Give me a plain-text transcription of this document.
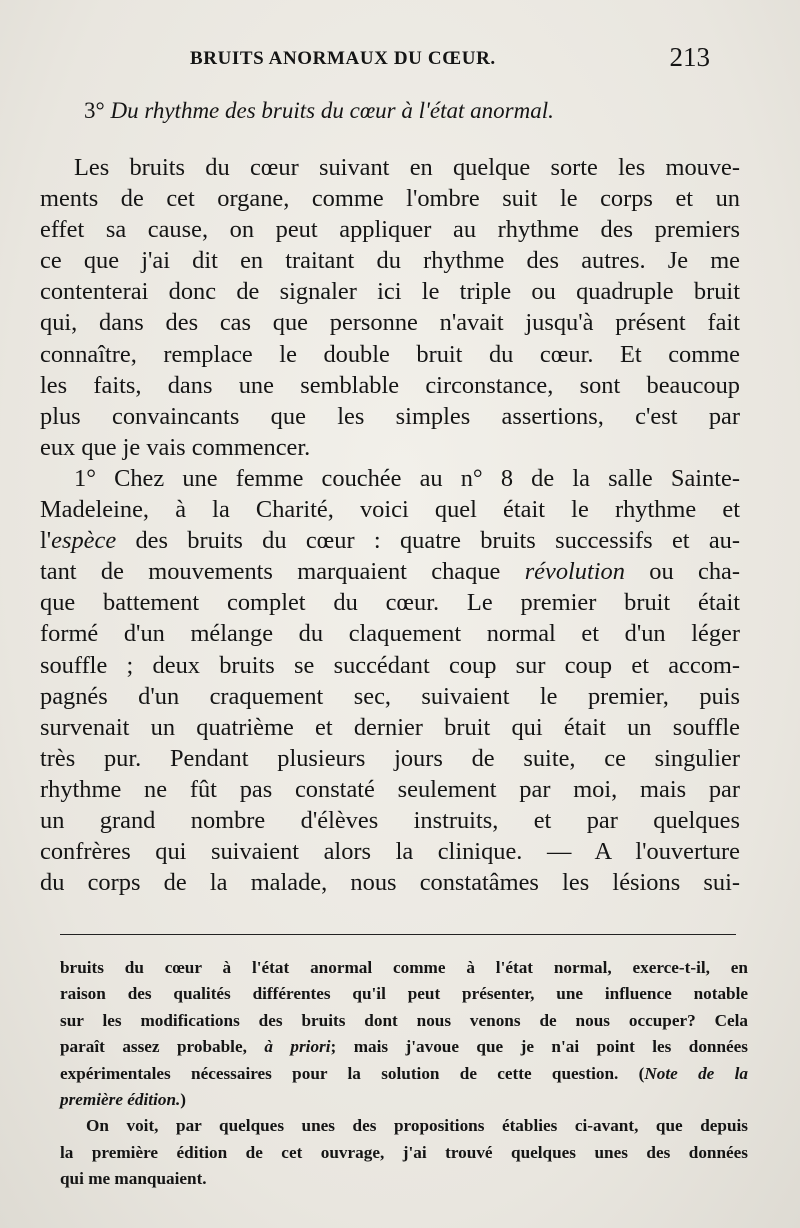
BRUITS ANORMAUX DU CŒUR.	213
3° Du rhythme des bruits du cœur à l'état anormal.
Les bruits du cœur suivant en quelque sorte les mouve-
ments de cet organe, comme l'ombre suit le corps et un
effet sa cause, on peut appliquer au rhythme des premiers
ce que j'ai dit en traitant du rhythme des autres. Je me
contenterai donc de signaler ici le triple ou quadruple bruit
qui, dans des cas que personne n'avait jusqu'à présent fait
connaître, remplace le double bruit du cœur. Et comme
les faits, dans une semblable circonstance, sont beaucoup
plus convaincants que les simples assertions, c'est par
eux que je vais commencer.
1° Chez une femme couchée au n° 8 de la salle Sainte-
Madeleine, à la Charité, voici quel était le rhythme et
l'espèce des bruits du cœur : quatre bruits successifs et au-
tant de mouvements marquaient chaque révolution ou cha-
que battement complet du cœur. Le premier bruit était
formé d'un mélange du claquement normal et d'un léger
souffle ; deux bruits se succédant coup sur coup et accom-
pagnés d'un craquement sec, suivaient le premier, puis
survenait un quatrième et dernier bruit qui était un souffle
très pur. Pendant plusieurs jours de suite, ce singulier
rhythme ne fût pas constaté seulement par moi, mais par
un grand nombre d'élèves instruits, et par quelques
confrères qui suivaient alors la clinique. — A l'ouverture
du corps de la malade, nous constatâmes les lésions sui-
bruits du cœur à l'état anormal comme à l'état normal, exerce-t-il, en
raison des qualités différentes qu'il peut présenter, une influence notable
sur les modifications des bruits dont nous venons de nous occuper? Cela
paraît assez probable, à priori; mais j'avoue que je n'ai point les données
expérimentales nécessaires pour la solution de cette question. (Note de la
première édition.)
On voit, par quelques unes des propositions établies ci-avant, que depuis
la première édition de cet ouvrage, j'ai trouvé quelques unes des données
qui me manquaient.
